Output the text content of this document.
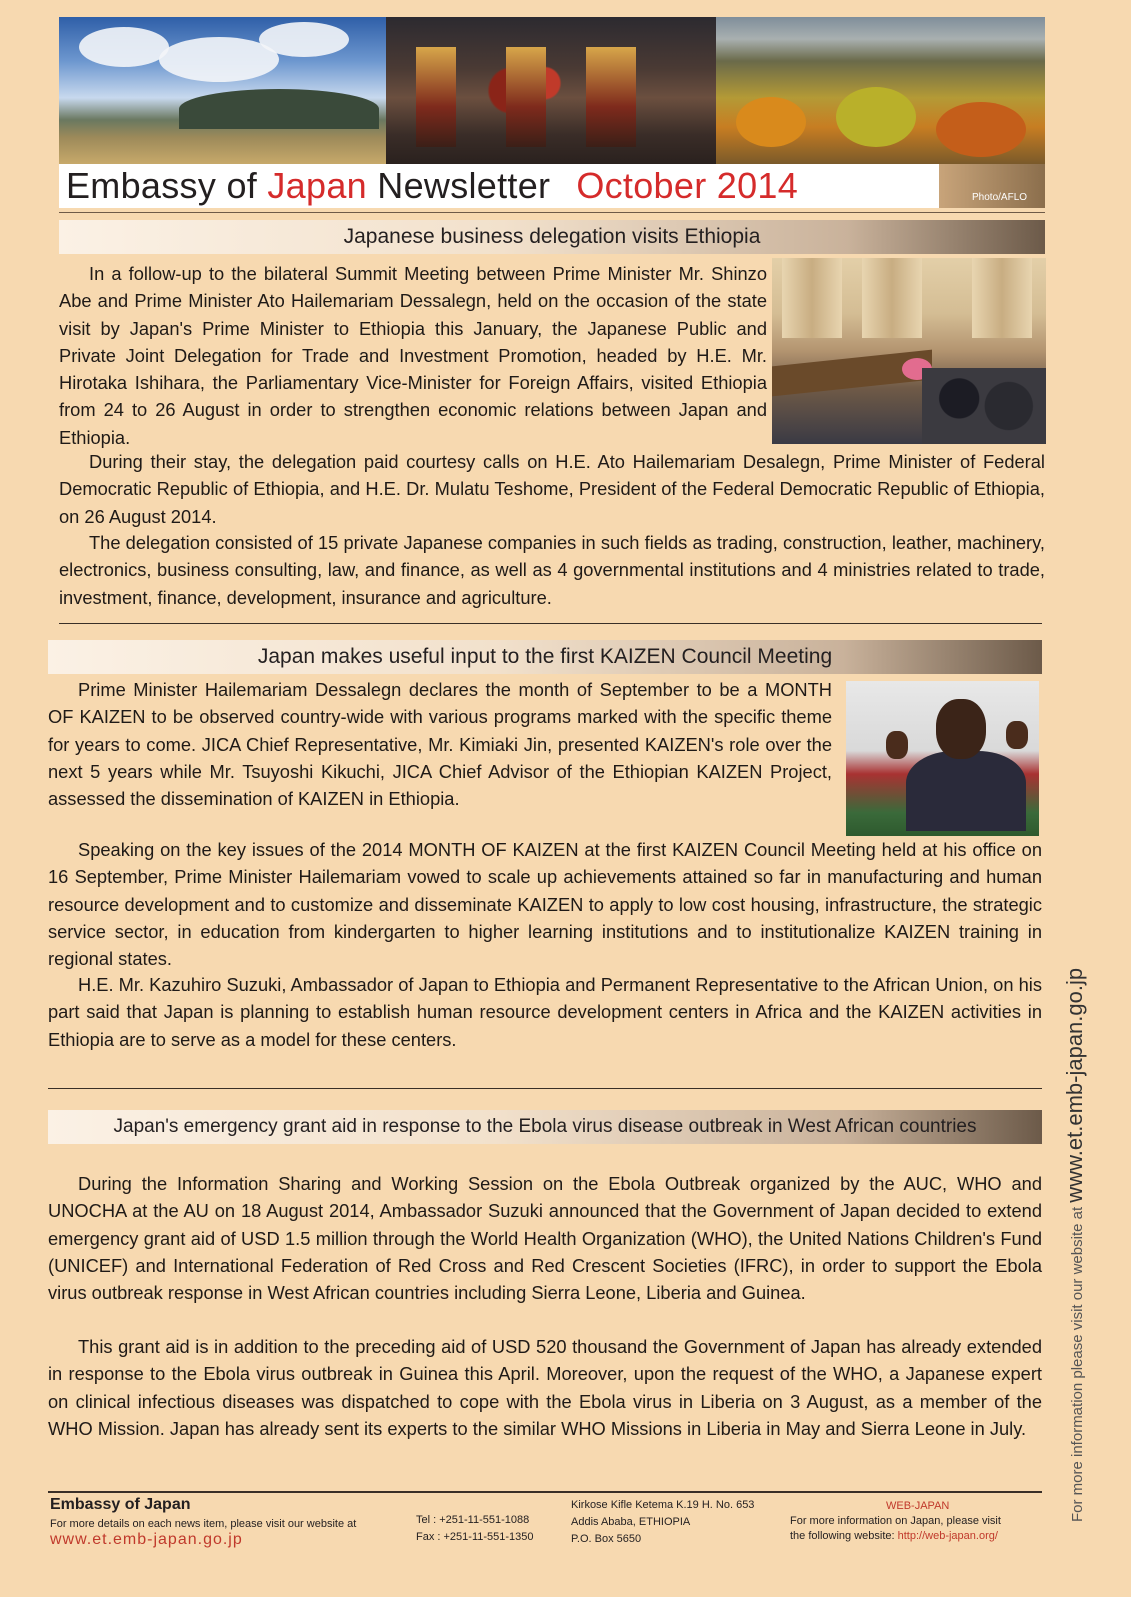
Photo/AFLO
Embassy of Japan Newsletter October 2014
Japanese business delegation visits Ethiopia
In a follow-up to the bilateral Summit Meeting between Prime Minister Mr. Shinzo Abe and Prime Minister Ato Hailemariam Dessalegn, held on the occasion of the state visit by Japan's Prime Minister to Ethiopia this January, the Japanese Public and Private Joint Delegation for Trade and Investment Promotion, headed by H.E. Mr. Hirotaka Ishihara, the Parliamentary Vice-Minister for Foreign Affairs, visited Ethiopia from 24 to 26 August in order to strengthen economic relations between Japan and Ethiopia.
During their stay, the delegation paid courtesy calls on H.E. Ato Hailemariam Desalegn, Prime Minister of Federal Democratic Republic of Ethiopia, and H.E. Dr. Mulatu Teshome, President of the Federal Democratic Republic of Ethiopia, on 26 August 2014.
The delegation consisted of 15 private Japanese companies in such fields as trading, construction, leather, machinery, electronics, business consulting, law, and finance, as well as 4 governmental institutions and 4 ministries related to trade, investment, finance, development, insurance and agriculture.
Japan makes useful input to the first KAIZEN Council Meeting
Prime Minister Hailemariam Dessalegn declares the month of September to be a MONTH OF KAIZEN to be observed country-wide with various programs marked with the specific theme for years to come. JICA Chief Representative, Mr. Kimiaki Jin, presented KAIZEN's role over the next 5 years while Mr. Tsuyoshi Kikuchi, JICA Chief Advisor of the Ethiopian KAIZEN Project, assessed the dissemination of KAIZEN in Ethiopia.
Speaking on the key issues of the 2014 MONTH OF KAIZEN at the first KAIZEN Council Meeting held at his office on 16 September, Prime Minister Hailemariam vowed to scale up achievements attained so far in manufacturing and human resource development and to customize and disseminate KAIZEN to apply to low cost housing, infrastructure, the strategic service sector, in education from kindergarten to higher learning institutions and to institutionalize KAIZEN training in regional states.
H.E. Mr. Kazuhiro Suzuki, Ambassador of Japan to Ethiopia and Permanent Representative to the African Union, on his part said that Japan is planning to establish human resource development centers in Africa and the KAIZEN activities in Ethiopia are to serve as a model for these centers.
Japan's emergency grant aid in response to the Ebola virus disease outbreak in West African countries
During the Information Sharing and Working Session on the Ebola Outbreak organized by the AUC, WHO and UNOCHA at the AU on 18 August 2014, Ambassador Suzuki announced that the Government of Japan decided to extend emergency grant aid of USD 1.5 million through the World Health Organization (WHO), the United Nations Children's Fund (UNICEF) and International Federation of Red Cross and Red Crescent Societies (IFRC), in order to support the Ebola virus outbreak response in West African countries including Sierra Leone, Liberia and Guinea.
This grant aid is in addition to the preceding aid of USD 520 thousand the Government of Japan has already extended in response to the Ebola virus outbreak in Guinea this April. Moreover, upon the request of the WHO, a Japanese expert on clinical infectious diseases was dispatched to cope with the Ebola virus in Liberia on 3 August, as a member of the WHO Mission. Japan has already sent its experts to the similar WHO Missions in Liberia in May and Sierra Leone in July.	For more information please visit our website at www.et.emb-japan.go.jp
Embassy of Japan
For more details on each news item, please visit our website at
www.et.emb-japan.go.jp
Tel : +251-11-551-1088
Fax : +251-11-551-1350
Kirkose Kifle Ketema K.19 H. No. 653
Addis Ababa, ETHIOPIA
P.O. Box 5650
WEB-JAPAN
For more information on Japan, please visit
the following website: http://web-japan.org/
